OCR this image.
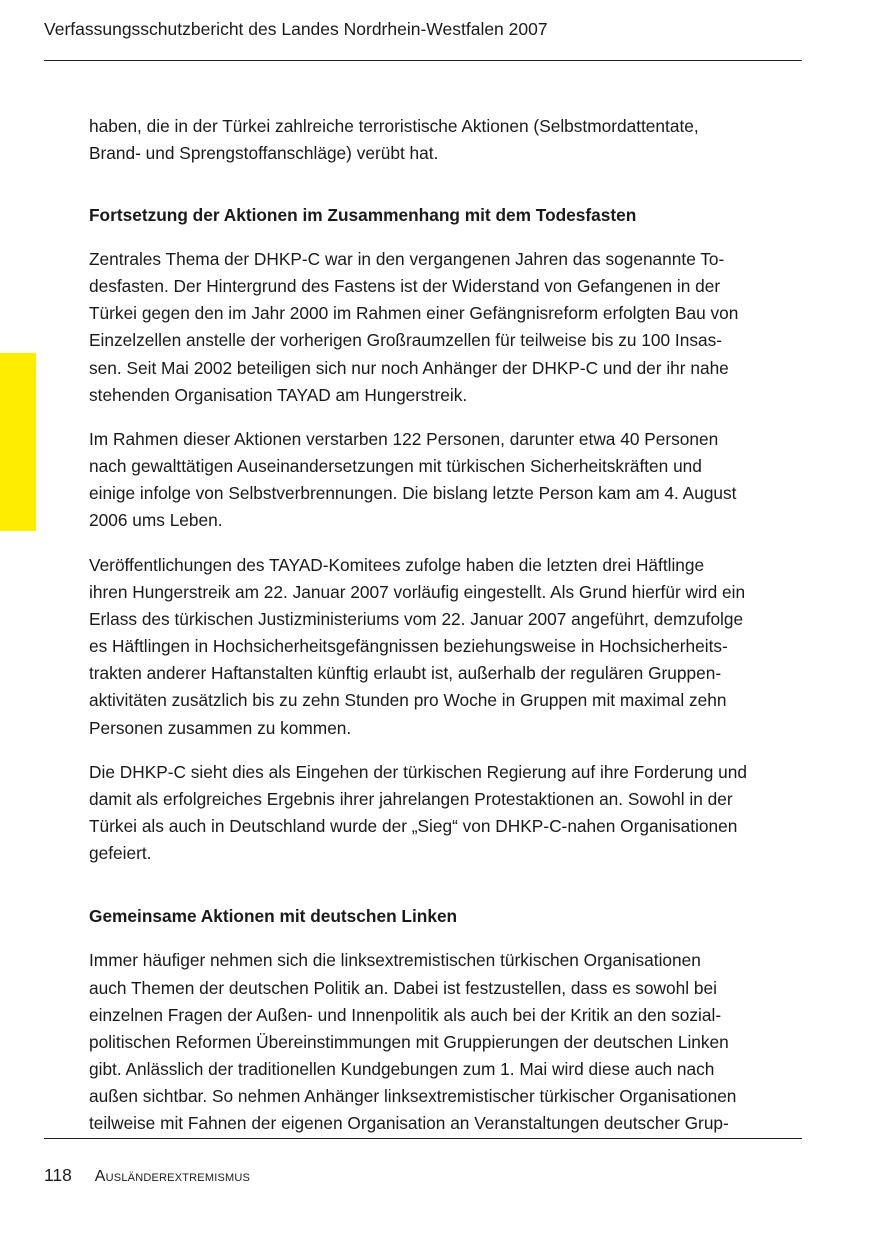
Verfassungsschutzbericht des Landes Nordrhein-Westfalen 2007
haben, die in der Türkei zahlreiche terroristische Aktionen (Selbstmordattentate,
Brand- und Sprengstoffanschläge) verübt hat.
Fortsetzung der Aktionen im Zusammenhang mit dem Todesfasten
Zentrales Thema der DHKP-C war in den vergangenen Jahren das sogenannte To-
desfasten. Der Hintergrund des Fastens ist der Widerstand von Gefangenen in der
Türkei gegen den im Jahr 2000 im Rahmen einer Gefängnisreform erfolgten Bau von
Einzelzellen anstelle der vorherigen Großraumzellen für teilweise bis zu 100 Insas-
sen. Seit Mai 2002 beteiligen sich nur noch Anhänger der DHKP-C und der ihr nahe
stehenden Organisation TAYAD am Hungerstreik.
Im Rahmen dieser Aktionen verstarben 122 Personen, darunter etwa 40 Personen
nach gewalttätigen Auseinandersetzungen mit türkischen Sicherheitskräften und
einige infolge von Selbstverbrennungen. Die bislang letzte Person kam am 4. August
2006 ums Leben.
Veröffentlichungen des TAYAD-Komitees zufolge haben die letzten drei Häftlinge
ihren Hungerstreik am 22. Januar 2007 vorläufig eingestellt. Als Grund hierfür wird ein
Erlass des türkischen Justizministeriums vom 22. Januar 2007 angeführt, demzufolge
es Häftlingen in Hochsicherheitsgefängnissen beziehungsweise in Hochsicherheits-
trakten anderer Haftanstalten künftig erlaubt ist, außerhalb der regulären Gruppen-
aktivitäten zusätzlich bis zu zehn Stunden pro Woche in Gruppen mit maximal zehn
Personen zusammen zu kommen.
Die DHKP-C sieht dies als Eingehen der türkischen Regierung auf ihre Forderung und
damit als erfolgreiches Ergebnis ihrer jahrelangen Protestaktionen an. Sowohl in der
Türkei als auch in Deutschland wurde der „Sieg“ von DHKP-C-nahen Organisationen
gefeiert.
Gemeinsame Aktionen mit deutschen Linken
Immer häufiger nehmen sich die linksextremistischen türkischen Organisationen
auch Themen der deutschen Politik an. Dabei ist festzustellen, dass es sowohl bei
einzelnen Fragen der Außen- und Innenpolitik als auch bei der Kritik an den sozial-
politischen Reformen Übereinstimmungen mit Gruppierungen der deutschen Linken
gibt. Anlässlich der traditionellen Kundgebungen zum 1. Mai wird diese auch nach
außen sichtbar. So nehmen Anhänger linksextremistischer türkischer Organisationen
teilweise mit Fahnen der eigenen Organisation an Veranstaltungen deutscher Grup-
118 Ausländerextremismus
